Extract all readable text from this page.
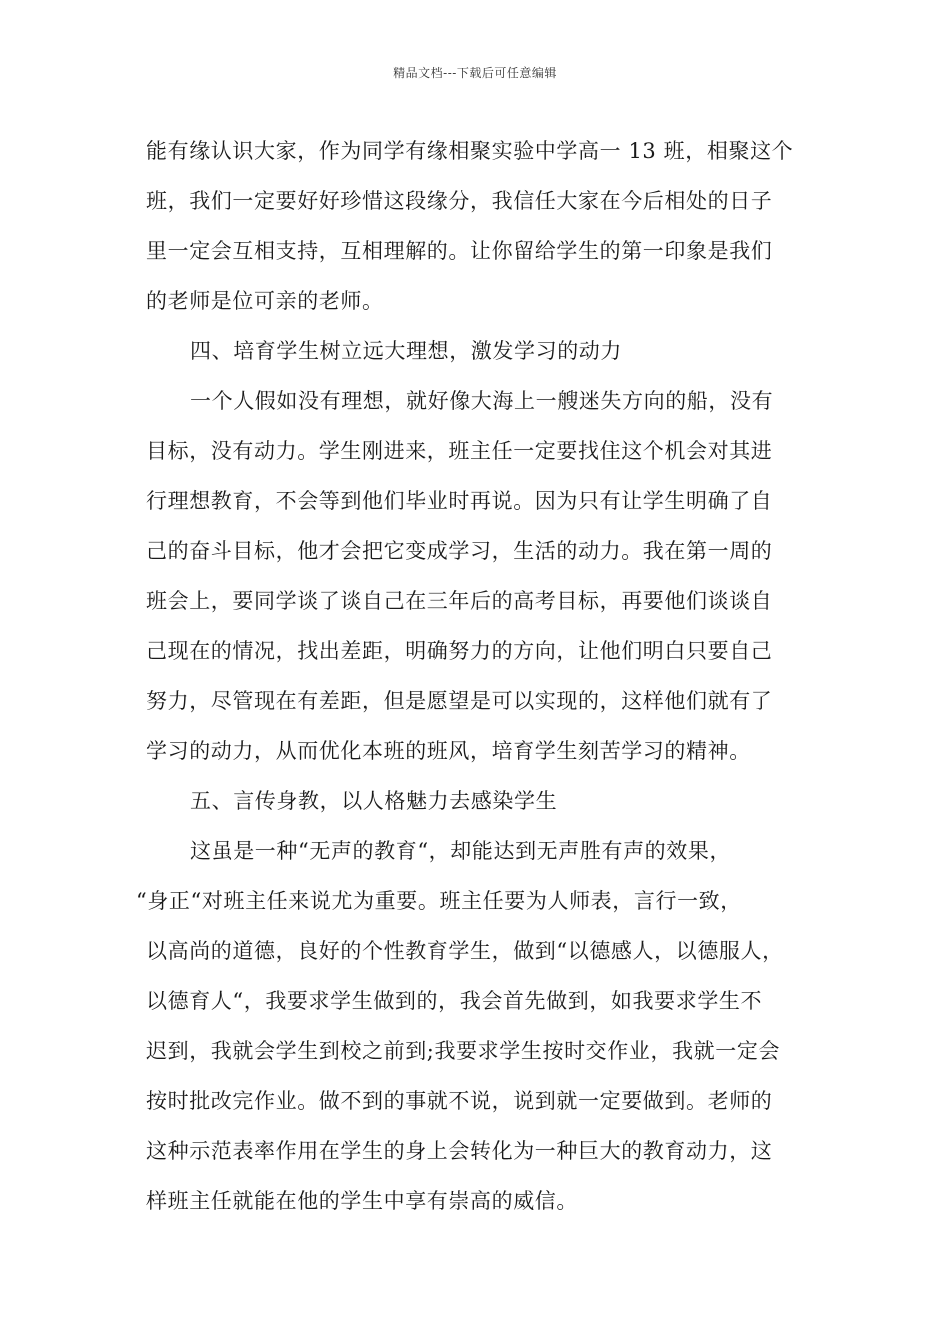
精品文档---下载后可任意编辑
能有缘认识大家，作为同学有缘相聚实验中学高一 13 班，相聚这个
班，我们一定要好好珍惜这段缘分，我信任大家在今后相处的日子
里一定会互相支持，互相理解的。让你留给学生的第一印象是我们
的老师是位可亲的老师。
四、培育学生树立远大理想，激发学习的动力
一个人假如没有理想，就好像大海上一艘迷失方向的船，没有
目标，没有动力。学生刚进来，班主任一定要找住这个机会对其进
行理想教育，不会等到他们毕业时再说。因为只有让学生明确了自
己的奋斗目标，他才会把它变成学习，生活的动力。我在第一周的
班会上，要同学谈了谈自己在三年后的高考目标，再要他们谈谈自
己现在的情况，找出差距，明确努力的方向，让他们明白只要自己
努力，尽管现在有差距，但是愿望是可以实现的，这样他们就有了
学习的动力，从而优化本班的班风，培育学生刻苦学习的精神。
五、言传身教，以人格魅力去感染学生
这虽是一种“无声的教育“，却能达到无声胜有声的效果，
“身正“对班主任来说尤为重要。班主任要为人师表，言行一致，
以高尚的道德，良好的个性教育学生，做到“以德感人，以德服人，
以德育人“，我要求学生做到的，我会首先做到，如我要求学生不
迟到，我就会学生到校之前到;我要求学生按时交作业，我就一定会
按时批改完作业。做不到的事就不说，说到就一定要做到。老师的
这种示范表率作用在学生的身上会转化为一种巨大的教育动力，这
样班主任就能在他的学生中享有崇高的威信。
